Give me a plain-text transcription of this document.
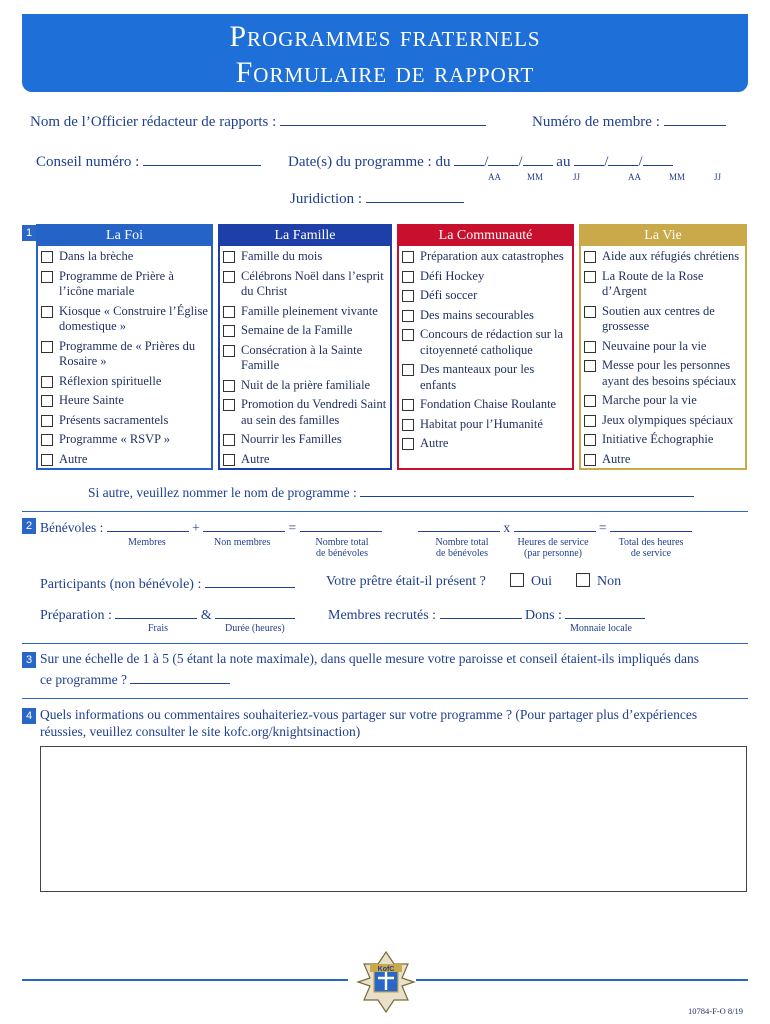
Programmes fraternels
Formulaire de rapport
Nom de l’Officier rédacteur de rapports :	Numéro de membre :
Conseil numéro :	Date(s) du programme : du / / au / /
AA	MM	JJ	AA	MM	JJ
Juridiction :
1	La Foi
Dans la brèche
Programme de Prière à l’icône mariale
Kiosque « Construire l’Église domestique »
Programme de « Prières du Rosaire »
Réflexion spirituelle
Heure Sainte
Présents sacramentels
Programme « RSVP »
Autre
La Famille
Famille du mois
Célébrons Noël dans l’esprit du Christ
Famille pleinement vivante
Semaine de la Famille
Consécration à la Sainte Famille
Nuit de la prière familiale
Promotion du Vendredi Saint au sein des familles
Nourrir les Familles
Autre
La Communauté
Préparation aux catastrophes
Défi Hockey
Défi soccer
Des mains secourables
Concours de rédaction sur la citoyenneté catholique
Des manteaux pour les enfants
Fondation Chaise Roulante
Habitat pour l’Humanité
Autre
La Vie
Aide aux réfugiés chrétiens
La Route de la Rose d’Argent
Soutien aux centres de grossesse
Neuvaine pour la vie
Messe pour les personnes ayant des besoins spéciaux
Marche pour la vie
Jeux olympiques spéciaux
Initiative Échographie
Autre
Si autre, veuillez nommer le nom de programme :
2 Bénévoles :	+	=	x	=
Membres	Non membres	Nombre total
de bénévoles
Nombre total
de bénévoles
Heures de service
(par personne)
Total des heures
de service
Participants (non bénévole) :	Votre prêtre était-il présent ?	Oui	Non
Préparation :	&
Frais	Durée (heures)
Membres recrutés :	Dons :
Monnaie locale
3 Sur une échelle de 1 à 5 (5 étant la note maximale), dans quelle mesure votre paroisse et conseil étaient-ils impliqués dans
ce programme ?
4 Quels informations ou commentaires souhaiteriez-vous partager sur votre programme ? (Pour partager plus d’expériences
réussies, veuillez consulter le site kofc.org/knightsinaction)
KofC
10784-F-O 8/19
